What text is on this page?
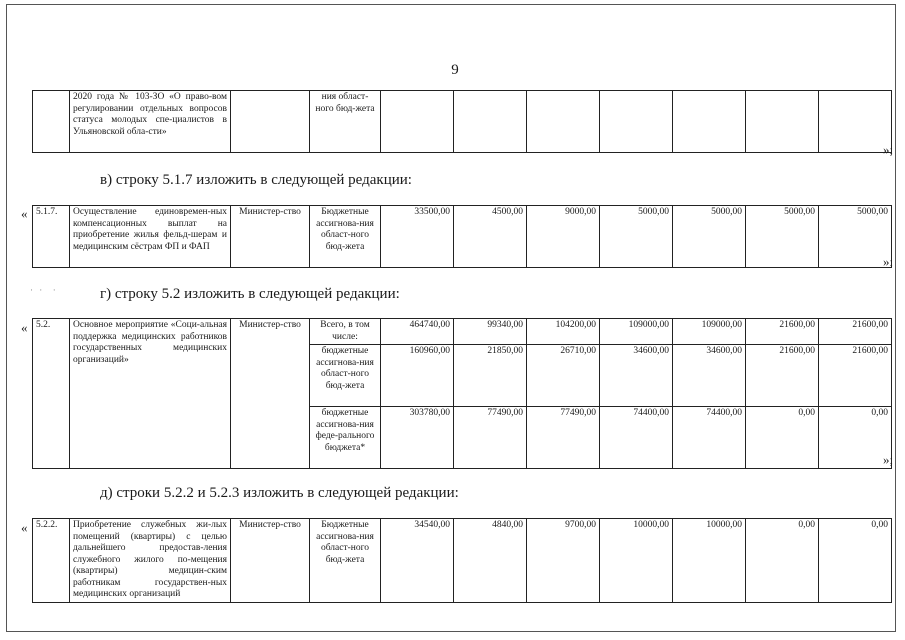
9
	2020 года № 103-ЗО «О право-вом регулировании отдельных вопросов статуса молодых спе-циалистов в Ульяновской обла-сти»		ния област-ного бюд-жета							
»;
в) строку 5.1.7 изложить в следующей редакции:
« 5.1.7.	Осуществление единовремен-ных компенсационных выплат на приобретение жилья фельд-шерам и медицинским сёстрам ФП и ФАП	Министер-ство	Бюджетные ассигнова-ния област-ного бюд-жета	33500,00	4500,00	9000,00	5000,00	5000,00	5000,00	5000,00
»;
· ·  ·	г) строку 5.2 изложить в следующей редакции:
« 5.2.	Основное мероприятие «Соци-альная поддержка медицинских работников государственных медицинских организаций»	Министер-ство	Всего, в том числе:	464740,00	99340,00	104200,00	109000,00	109000,00	21600,00	21600,00
			бюджетные ассигнова-ния област-ного бюд-жета	160960,00	21850,00	26710,00	34600,00	34600,00	21600,00	21600,00
			бюджетные ассигнова-ния феде-рального бюджета*	303780,00	77490,00	77490,00	74400,00	74400,00	0,00	0,00
»;
д) строки 5.2.2 и 5.2.3 изложить в следующей редакции:
« 5.2.2.	Приобретение служебных жи-лых помещений (квартиры) с целью дальнейшего предостав-ления служебного жилого по-мещения (квартиры) медицин-ским работникам государствен-ных медицинских организаций	Министер-ство	Бюджетные ассигнова-ния област-ного бюд-жета	34540,00	4840,00	9700,00	10000,00	10000,00	0,00	0,00
